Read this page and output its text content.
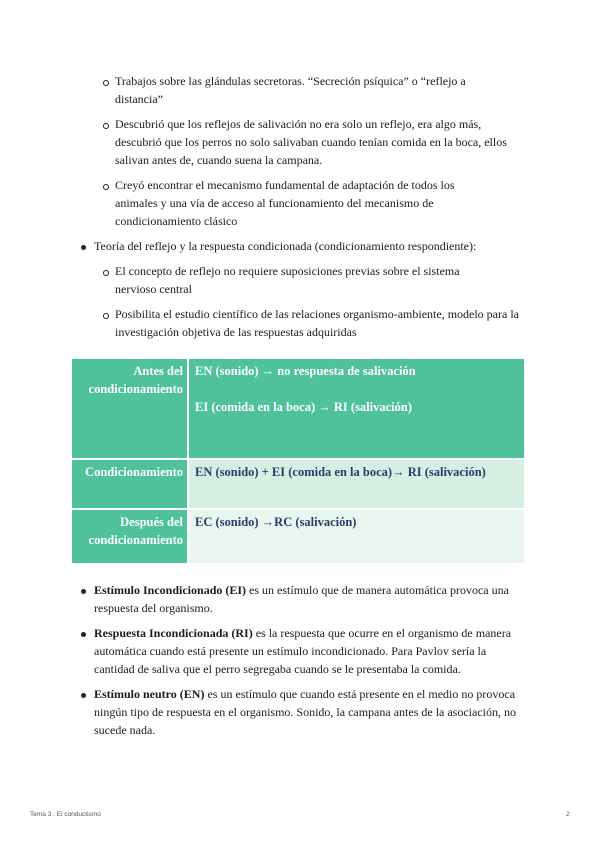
Trabajos sobre las glándulas secretoras. “Secreción psíquica” o “reflejo a
distancia”
Descubrió que los reflejos de salivación no era solo un reflejo, era algo más,
descubrió que los perros no solo salivaban cuando tenían comida en la boca, ellos
salivan antes de, cuando suena la campana.
Creyó encontrar el mecanismo fundamental de adaptación de todos los
animales y una vía de acceso al funcionamiento del mecanismo de
condicionamiento clásico
Teoría del reflejo y la respuesta condicionada (condicionamiento respondiente):
El concepto de reflejo no requiere suposiciones previas sobre el sistema
nervioso central
Posibilita el estudio científico de las relaciones organismo-ambiente, modelo para la
investigación objetiva de las respuestas adquiridas
Antes del
condicionamiento
EN (sonido) → no respuesta de salivación
EI (comida en la boca) → RI (salivación)
Condicionamiento EN (sonido) + EI (comida en la boca)→ RI (salivación)
Después del
condicionamiento
EC (sonido) →RC (salivación)
Estímulo Incondicionado (EI) es un estímulo que de manera automática provoca una
respuesta del organismo.
Respuesta Incondicionada (RI) es la respuesta que ocurre en el organismo de manera
automática cuando está presente un estímulo incondicionado. Para Pavlov sería la
cantidad de saliva que el perro segregaba cuando se le presentaba la comida.
Estímulo neutro (EN) es un estímulo que cuando está presente en el medio no provoca
ningún tipo de respuesta en el organismo. Sonido, la campana antes de la asociación, no
sucede nada.
Tema 3 . El conductismo	2
